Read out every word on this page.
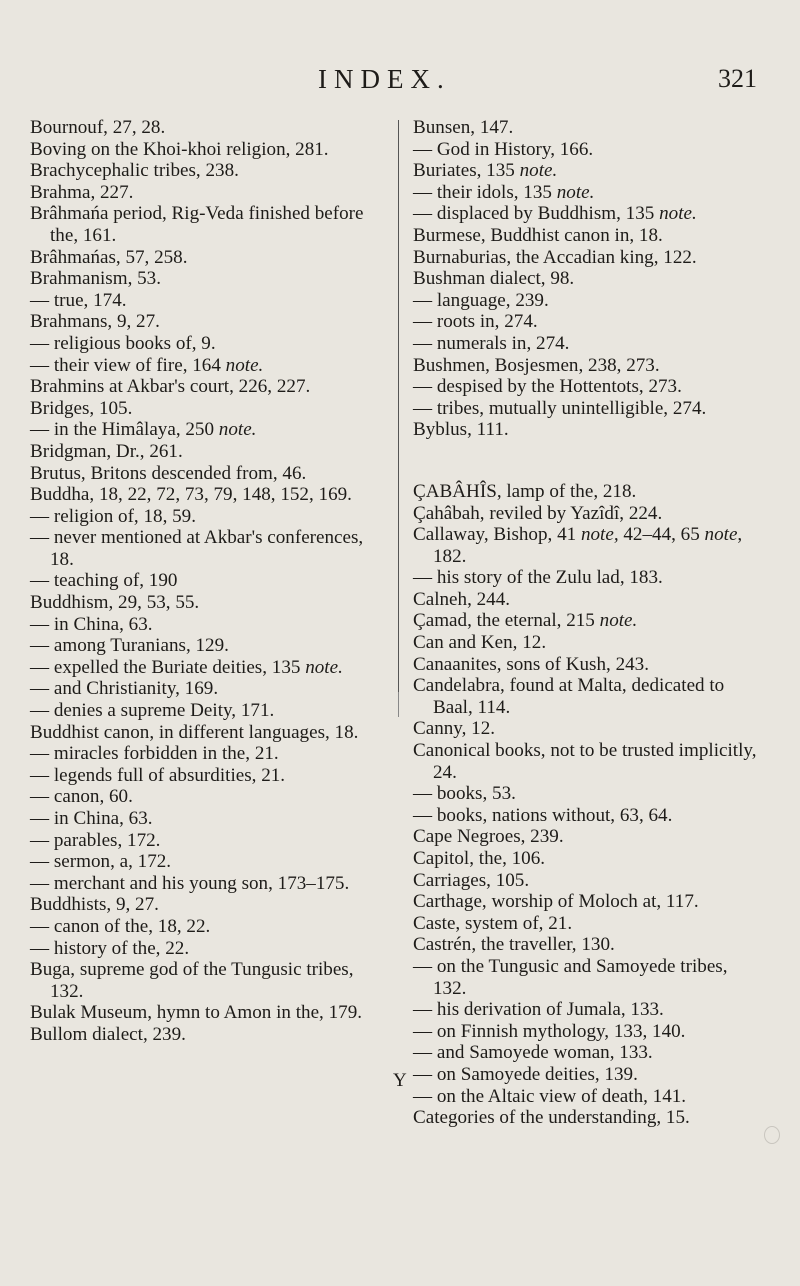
INDEX.	321
Bournouf, 27, 28.
Boving on the Khoi-khoi religion, 281.
Brachycephalic tribes, 238.
Brahma, 227.
Brâhmańa period, Rig-Veda finished before the, 161.
Brâhmańas, 57, 258.
Brahmanism, 53.
— true, 174.
Brahmans, 9, 27.
— religious books of, 9.
— their view of fire, 164 note.
Brahmins at Akbar's court, 226, 227.
Bridges, 105.
— in the Himâlaya, 250 note.
Bridgman, Dr., 261.
Brutus, Britons descended from, 46.
Buddha, 18, 22, 72, 73, 79, 148, 152, 169.
— religion of, 18, 59.
— never mentioned at Akbar's conferences, 18.
— teaching of, 190
Buddhism, 29, 53, 55.
— in China, 63.
— among Turanians, 129.
— expelled the Buriate deities, 135 note.
— and Christianity, 169.
— denies a supreme Deity, 171.
Buddhist canon, in different languages, 18.
— miracles forbidden in the, 21.
— legends full of absurdities, 21.
— canon, 60.
— in China, 63.
— parables, 172.
— sermon, a, 172.
— merchant and his young son, 173–175.
Buddhists, 9, 27.
— canon of the, 18, 22.
— history of the, 22.
Buga, supreme god of the Tungusic tribes, 132.
Bulak Museum, hymn to Amon in the, 179.
Bullom dialect, 239.
Bunsen, 147.
— God in History, 166.
Buriates, 135 note.
— their idols, 135 note.
— displaced by Buddhism, 135 note.
Burmese, Buddhist canon in, 18.
Burnaburias, the Accadian king, 122.
Bushman dialect, 98.
— language, 239.
— roots in, 274.
— numerals in, 274.
Bushmen, Bosjesmen, 238, 273.
— despised by the Hottentots, 273.
— tribes, mutually unintelligible, 274.
Byblus, 111.
ÇABÂHÎS, lamp of the, 218.
Çahâbah, reviled by Yazîdî, 224.
Callaway, Bishop, 41 note, 42–44, 65 note, 182.
— his story of the Zulu lad, 183.
Calneh, 244.
Çamad, the eternal, 215 note.
Can and Ken, 12.
Canaanites, sons of Kush, 243.
Candelabra, found at Malta, dedicated to Baal, 114.
Canny, 12.
Canonical books, not to be trusted implicitly, 24.
— books, 53.
— books, nations without, 63, 64.
Cape Negroes, 239.
Capitol, the, 106.
Carriages, 105.
Carthage, worship of Moloch at, 117.
Caste, system of, 21.
Castrén, the traveller, 130.
— on the Tungusic and Samoyede tribes, 132.
— his derivation of Jumala, 133.
— on Finnish mythology, 133, 140.
— and Samoyede woman, 133.
— on Samoyede deities, 139.
— on the Altaic view of death, 141.
Categories of the understanding, 15.
Y
